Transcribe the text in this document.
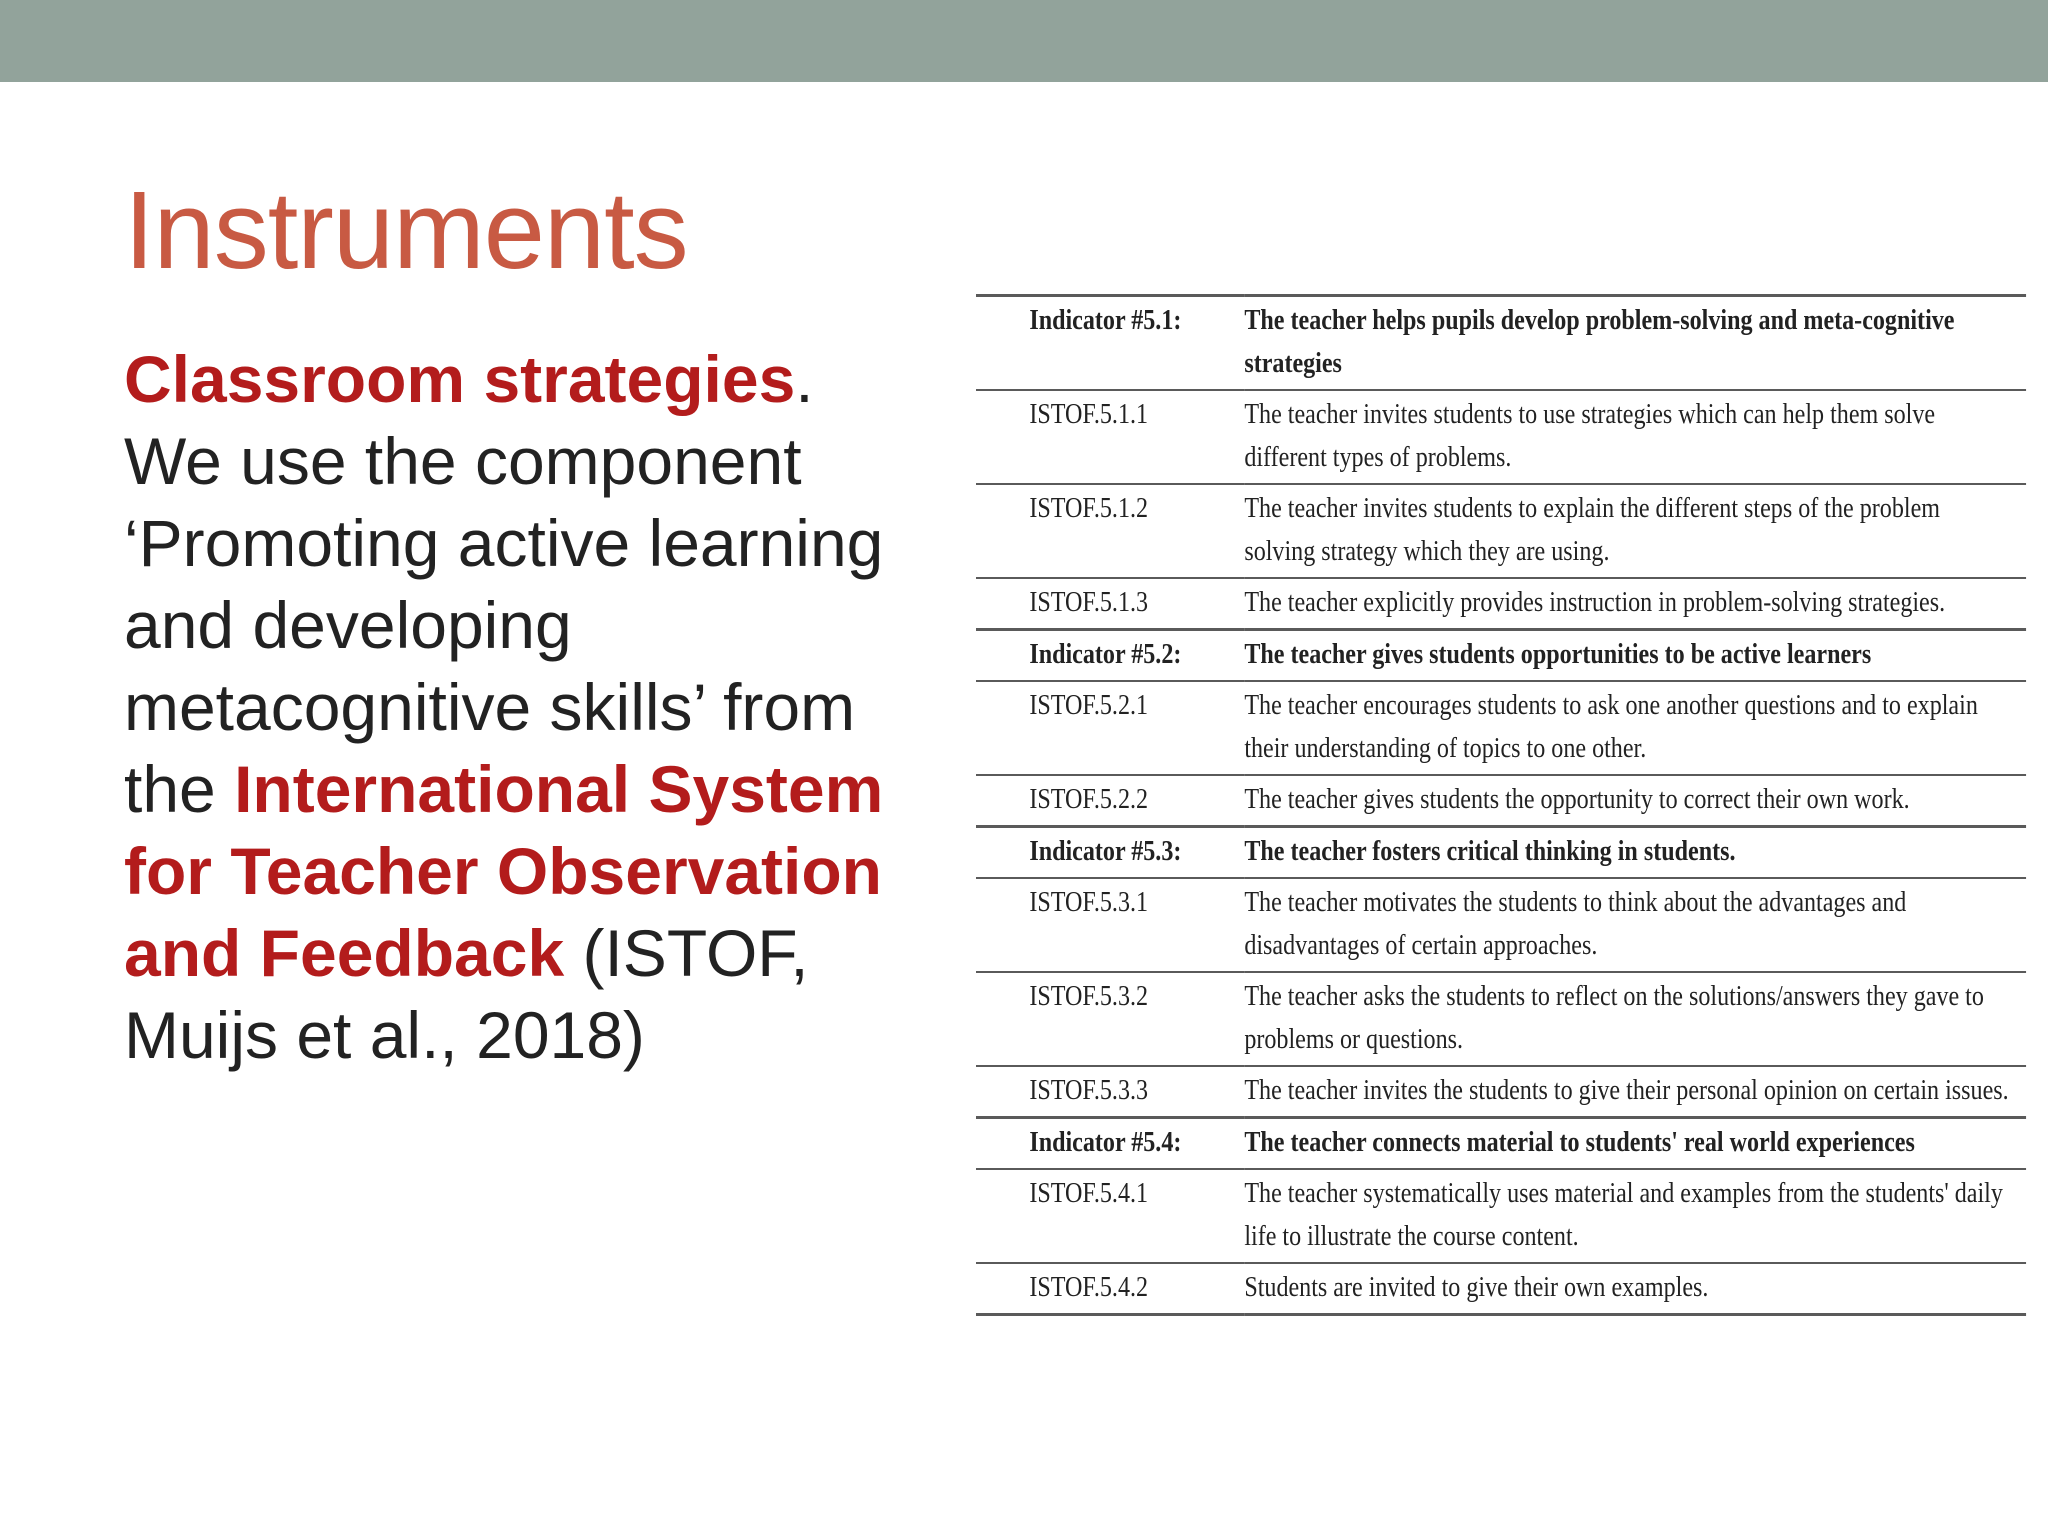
Instruments

Classroom strategies. We use the component ‘Promoting active learning and developing metacognitive skills’ from the International System for Teacher Observation and Feedback (ISTOF, Muijs et al., 2018)

Indicator #5.1:	The teacher helps pupils develop problem-solving and meta-cognitive strategies
ISTOF.5.1.1	The teacher invites students to use strategies which can help them solve different types of problems.
ISTOF.5.1.2	The teacher invites students to explain the different steps of the problem solving strategy which they are using.
ISTOF.5.1.3	The teacher explicitly provides instruction in problem-solving strategies.
Indicator #5.2:	The teacher gives students opportunities to be active learners
ISTOF.5.2.1	The teacher encourages students to ask one another questions and to explain their understanding of topics to one other.
ISTOF.5.2.2	The teacher gives students the opportunity to correct their own work.
Indicator #5.3:	The teacher fosters critical thinking in students.
ISTOF.5.3.1	The teacher motivates the students to think about the advantages and disadvantages of certain approaches.
ISTOF.5.3.2	The teacher asks the students to reflect on the solutions/answers they gave to problems or questions.
ISTOF.5.3.3	The teacher invites the students to give their personal opinion on certain issues.
Indicator #5.4:	The teacher connects material to students' real world experiences
ISTOF.5.4.1	The teacher systematically uses material and examples from the students' daily life to illustrate the course content.
ISTOF.5.4.2	Students are invited to give their own examples.
